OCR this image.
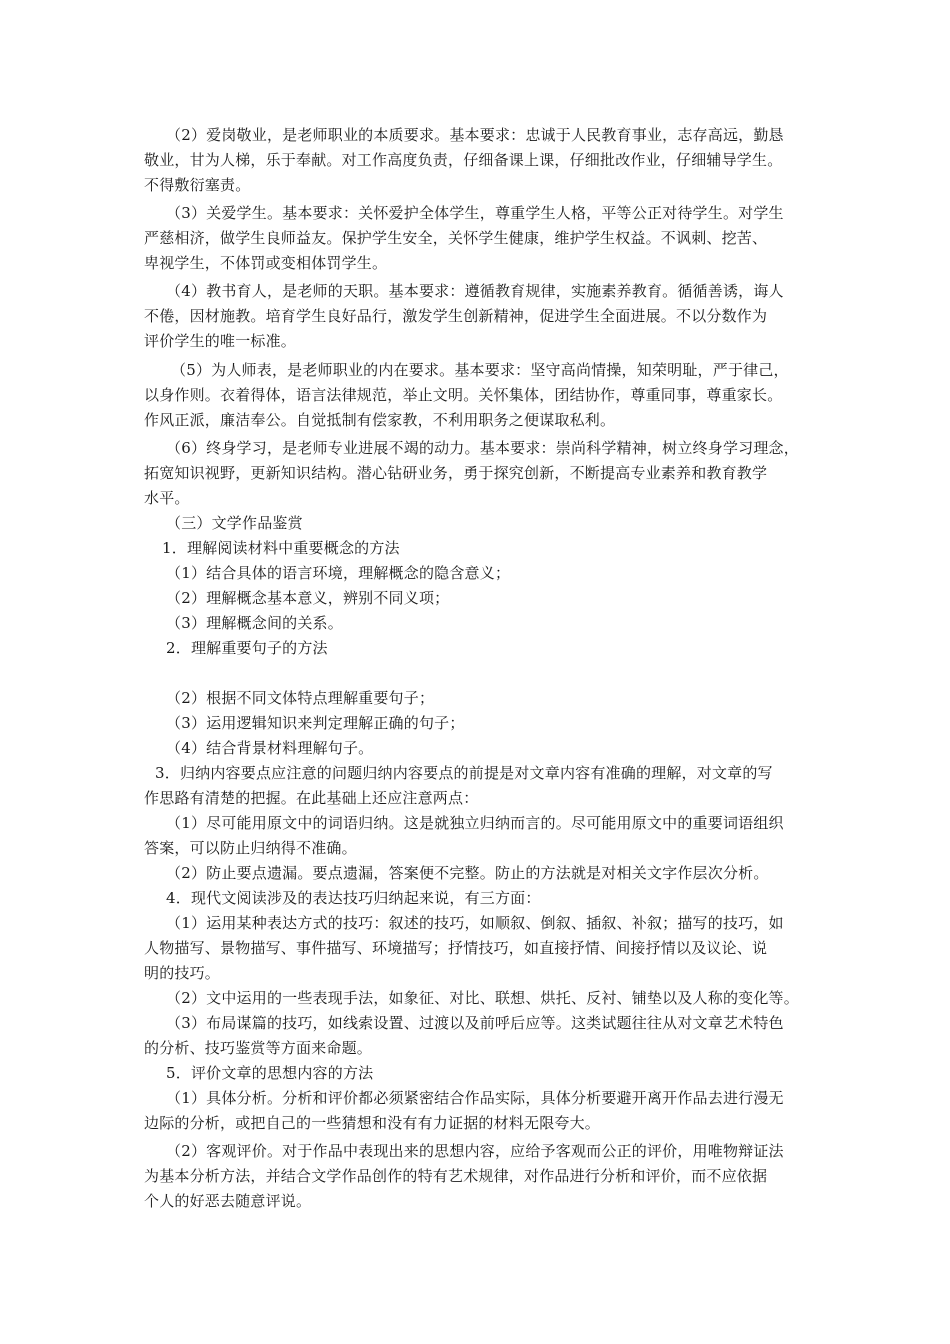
（2）爱岗敬业，是老师职业的本质要求。基本要求：忠诚于人民教育事业，志存高远，勤恳
敬业，甘为人梯，乐于奉献。对工作高度负责，仔细备课上课，仔细批改作业，仔细辅导学生。
不得敷衍塞责。
（3）关爱学生。基本要求：关怀爱护全体学生，尊重学生人格，平等公正对待学生。对学生
严慈相济，做学生良师益友。保护学生安全，关怀学生健康，维护学生权益。不讽刺、挖苦、
卑视学生，不体罚或变相体罚学生。
（4）教书育人，是老师的天职。基本要求：遵循教育规律，实施素养教育。循循善诱，诲人
不倦，因材施教。培育学生良好品行，激发学生创新精神，促进学生全面进展。不以分数作为
评价学生的唯一标准。
（5）为人师表，是老师职业的内在要求。基本要求：坚守高尚情操，知荣明耻，严于律己，
以身作则。衣着得体，语言法律规范，举止文明。关怀集体，团结协作，尊重同事，尊重家长。
作风正派，廉洁奉公。自觉抵制有偿家教，不利用职务之便谋取私利。
（6）终身学习，是老师专业进展不竭的动力。基本要求：崇尚科学精神，树立终身学习理念，
拓宽知识视野，更新知识结构。潜心钻研业务，勇于探究创新，不断提高专业素养和教育教学
水平。
（三）文学作品鉴赏
1．理解阅读材料中重要概念的方法
（1）结合具体的语言环境，理解概念的隐含意义；
（2）理解概念基本意义，辨别不同义项；
（3）理解概念间的关系。
2．理解重要句子的方法
（2）根据不同文体特点理解重要句子；
（3）运用逻辑知识来判定理解正确的句子；
（4）结合背景材料理解句子。
3．归纳内容要点应注意的问题归纳内容要点的前提是对文章内容有准确的理解，对文章的写
作思路有清楚的把握。在此基础上还应注意两点：
（1）尽可能用原文中的词语归纳。这是就独立归纳而言的。尽可能用原文中的重要词语组织
答案，可以防止归纳得不准确。
（2）防止要点遗漏。要点遗漏，答案便不完整。防止的方法就是对相关文字作层次分析。
4．现代文阅读涉及的表达技巧归纳起来说，有三方面：
（1）运用某种表达方式的技巧：叙述的技巧，如顺叙、倒叙、插叙、补叙；描写的技巧，如
人物描写、景物描写、事件描写、环境描写；抒情技巧，如直接抒情、间接抒情以及议论、说
明的技巧。
（2）文中运用的一些表现手法，如象征、对比、联想、烘托、反衬、铺垫以及人称的变化等。
（3）布局谋篇的技巧，如线索设置、过渡以及前呼后应等。这类试题往往从对文章艺术特色
的分析、技巧鉴赏等方面来命题。
5．评价文章的思想内容的方法
（1）具体分析。分析和评价都必须紧密结合作品实际，具体分析要避开离开作品去进行漫无
边际的分析，或把自己的一些猜想和没有有力证据的材料无限夸大。
（2）客观评价。对于作品中表现出来的思想内容，应给予客观而公正的评价，用唯物辩证法
为基本分析方法，并结合文学作品创作的特有艺术规律，对作品进行分析和评价，而不应依据
个人的好恶去随意评说。
